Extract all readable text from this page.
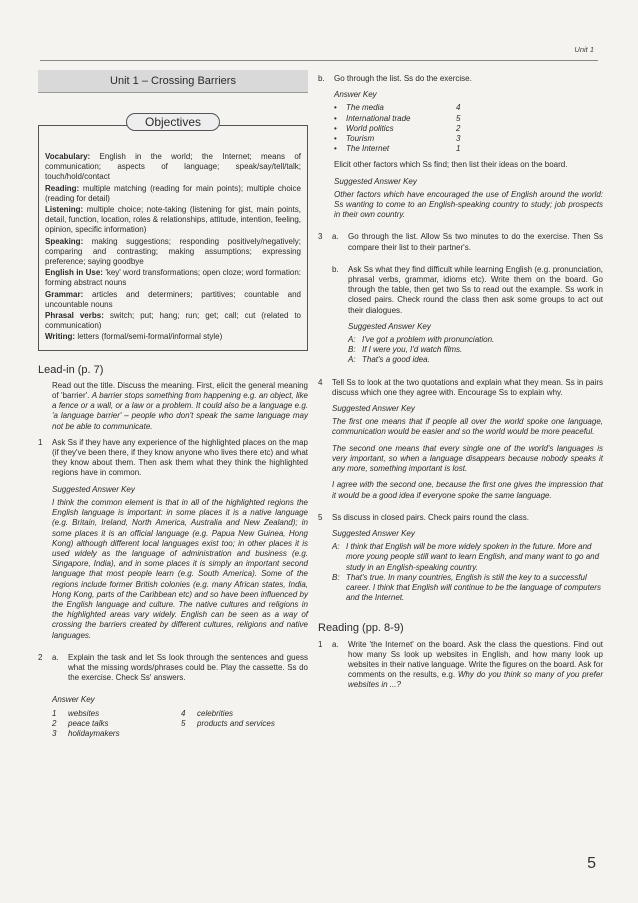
Unit 1
Unit 1 – Crossing Barriers
Objectives

Vocabulary: English in the world; the Internet; means of communication; aspects of language; speak/say/tell/talk; touch/hold/contact

Reading: multiple matching (reading for main points); multiple choice (reading for detail)

Listening: multiple choice; note-taking (listening for gist, main points, detail, function, location, roles & relationships, attitude, intention, feeling, opinion, specific information)

Speaking: making suggestions; responding positively/negatively; comparing and contrasting; making assumptions; expressing preference; saying goodbye

English in Use: 'key' word transformations; open cloze; word formation: forming abstract nouns

Grammar: articles and determiners; partitives; countable and uncountable nouns

Phrasal verbs: switch; put; hang; run; get; call; cut (related to communication)

Writing: letters (formal/semi-formal/informal style)

Lead-in (p. 7)

Read out the title. Discuss the meaning. First, elicit the general meaning of 'barrier'. A barrier stops something from happening e.g. an object, like a fence or a wall, or a law or a problem. It could also be a language e.g. 'a language barrier' – people who don't speak the same language may not be able to communicate.

1	Ask Ss if they have any experience of the highlighted places on the map (if they've been there, if they know anyone who lives there etc) and what they know about them. Then ask them what they think the highlighted regions have in common.

Suggested Answer Key

I think the common element is that in all of the highlighted regions the English language is important: in some places it is a native language (e.g. Britain, Ireland, North America, Australia and New Zealand); in some places it is an official language (e.g. Papua New Guinea, Hong Kong) although different local languages exist too; in other places it is used widely as the language of administration and business (e.g. Singapore, India), and in some places it is simply an important second language that most people learn (e.g. South America). Some of the regions include former British colonies (e.g. many African states, India, Hong Kong, parts of the Caribbean etc) and so have been influenced by the English language and culture. The native cultures and religions in the highlighted areas vary widely. English can be seen as a way of crossing the barriers created by different cultures, religions and native languages.

2	a.	Explain the task and let Ss look through the sentences and guess what the missing words/phrases could be. Play the cassette. Ss do the exercise. Check Ss' answers.

Answer Key
1	websites	4	celebrities
2	peace talks	5	products and services
3	holidaymakers
b.	Go through the list. Ss do the exercise.

Answer Key
•	The media	4
•	International trade	5
•	World politics	2
•	Tourism	3
•	The Internet	1

Elicit other factors which Ss find; then list their ideas on the board.

Suggested Answer Key

Other factors which have encouraged the use of English around the world: Ss wanting to come to an English-speaking country to study; job prospects in their own country.

3	a.	Go through the list. Allow Ss two minutes to do the exercise. Then Ss compare their list to their partner's.

b.	Ask Ss what they find difficult while learning English (e.g. pronunciation, phrasal verbs, grammar, idioms etc). Write them on the board. Go through the table, then get two Ss to read out the example. Ss work in closed pairs. Check round the class then ask some groups to act out their dialogues.

Suggested Answer Key
A: I've got a problem with pronunciation.
B: If I were you, I'd watch films.
A: That's a good idea.
4	Tell Ss to look at the two quotations and explain what they mean. Ss in pairs discuss which one they agree with. Encourage Ss to explain why.

Suggested Answer Key

The first one means that if people all over the world spoke one language, communication would be easier and so the world would be more peaceful.

The second one means that every single one of the world's languages is very important, so when a language disappears because nobody speaks it any more, something important is lost.

I agree with the second one, because the first one gives the impression that it would be a good idea if everyone spoke the same language.

5	Ss discuss in closed pairs. Check pairs round the class.

Suggested Answer Key
A: I think that English will be more widely spoken in the future. More and more young people still want to learn English, and many want to go and study in an English-speaking country.
B: That's true. In many countries, English is still the key to a successful career. I think that English will continue to be the language of computers and the Internet.
Reading (pp. 8-9)
1	a.	Write 'the Internet' on the board. Ask the class the questions. Find out how many Ss look up websites in English, and how many look up websites in their native language. Write the figures on the board. Ask for comments on the results, e.g. Why do you think so many of you prefer websites in ...?

5
